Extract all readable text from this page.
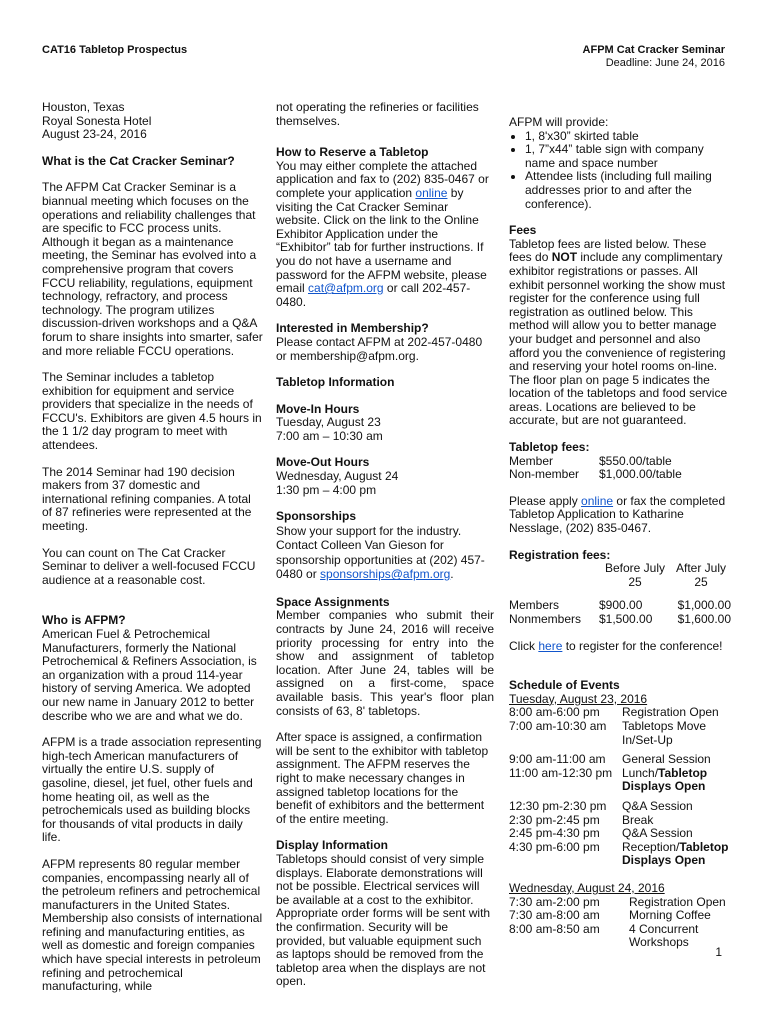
CAT16 Tabletop Prospectus	AFPM Cat Cracker Seminar
Deadline: June 24, 2016

Houston, Texas
Royal Sonesta Hotel
August 23-24, 2016

What is the Cat Cracker Seminar?

The AFPM Cat Cracker Seminar is a biannual meeting which focuses on the operations and reliability challenges that are specific to FCC process units. Although it began as a maintenance meeting, the Seminar has evolved into a comprehensive program that covers FCCU reliability, regulations, equipment technology, refractory, and process technology. The program utilizes discussion-driven workshops and a Q&A forum to share insights into smarter, safer and more reliable FCCU operations.

The Seminar includes a tabletop exhibition for equipment and service providers that specialize in the needs of FCCU's. Exhibitors are given 4.5 hours in the 1 1/2 day program to meet with attendees.

The 2014 Seminar had 190 decision makers from 37 domestic and international refining companies. A total of 87 refineries were represented at the meeting.

You can count on The Cat Cracker Seminar to deliver a well-focused FCCU audience at a reasonable cost.

Who is AFPM?

American Fuel & Petrochemical Manufacturers, formerly the National Petrochemical & Refiners Association, is an organization with a proud 114-year history of serving America. We adopted our new name in January 2012 to better describe who we are and what we do.

AFPM is a trade association representing high-tech American manufacturers of virtually the entire U.S. supply of gasoline, diesel, jet fuel, other fuels and home heating oil, as well as the petrochemicals used as building blocks for thousands of vital products in daily life.

AFPM represents 80 regular member companies, encompassing nearly all of the petroleum refiners and petrochemical manufacturers in the United States. Membership also consists of international refining and manufacturing entities, as well as domestic and foreign companies which have special interests in petroleum refining and petrochemical manufacturing, while

not operating the refineries or facilities themselves.

How to Reserve a Tabletop

You may either complete the attached application and fax to (202) 835-0467 or complete your application online by visiting the Cat Cracker Seminar website. Click on the link to the Online Exhibitor Application under the “Exhibitor” tab for further instructions. If you do not have a username and password for the AFPM website, please email cat@afpm.org or call 202-457-0480.

Interested in Membership?

Please contact AFPM at 202-457-0480 or membership@afpm.org.

Tabletop Information
Move-In Hours

Tuesday, August 23
7:00 am – 10:30 am

Move-Out Hours

Wednesday, August 24
1:30 pm – 4:00 pm

Sponsorships

Show your support for the industry. Contact Colleen Van Gieson for sponsorship opportunities at (202) 457-0480 or sponsorships@afpm.org.

Space Assignments

Member companies who submit their contracts by June 24, 2016 will receive priority processing for entry into the show and assignment of tabletop location. After June 24, tables will be assigned on a first-come, space available basis. This year's floor plan consists of 63, 8' tabletops.

After space is assigned, a confirmation will be sent to the exhibitor with tabletop assignment. The AFPM reserves the right to make necessary changes in assigned tabletop locations for the benefit of exhibitors and the betterment of the entire meeting.

Display Information

Tabletops should consist of very simple displays. Elaborate demonstrations will not be possible. Electrical services will be available at a cost to the exhibitor. Appropriate order forms will be sent with the confirmation. Security will be provided, but valuable equipment such as laptops should be removed from the tabletop area when the displays are not open.

AFPM will provide:
• 1, 8'x30” skirted table
• 1, 7”x44” table sign with company name and space number
• Attendee lists (including full mailing addresses prior to and after the conference).
Fees

Tabletop fees are listed below. These fees do NOT include any complimentary exhibitor registrations or passes. All exhibit personnel working the show must register for the conference using full registration as outlined below. This method will allow you to better manage your budget and personnel and also afford you the convenience of registering and reserving your hotel rooms on-line. The floor plan on page 5 indicates the location of the tabletops and food service areas. Locations are believed to be accurate, but are not guaranteed.

Tabletop fees:
Member	$550.00/table
Non-member	$1,000.00/table

Please apply online or fax the completed Tabletop Application to Katharine Nesslage, (202) 835-0467.

Registration fees:
	Before July 25	After July 25

Members	$900.00	$1,000.00
Nonmembers	$1,500.00	$1,600.00

Click here to register for the conference!

Schedule of Events
Tuesday, August 23, 2016
8:00 am-6:00 pm	Registration Open
7:00 am-10:30 am	Tabletops Move In/Set-Up

9:00 am-11:00 am	General Session
11:00 am-12:30 pm	Lunch/Tabletop Displays Open

12:30 pm-2:30 pm	Q&A Session
2:30 pm-2:45 pm	Break
2:45 pm-4:30 pm	Q&A Session
4:30 pm-6:00 pm	Reception/Tabletop Displays Open
Wednesday, August 24, 2016
7:30 am-2:00 pm	Registration Open
7:30 am-8:00 am	Morning Coffee
8:00 am-8:50 am	4 Concurrent Workshops
1
